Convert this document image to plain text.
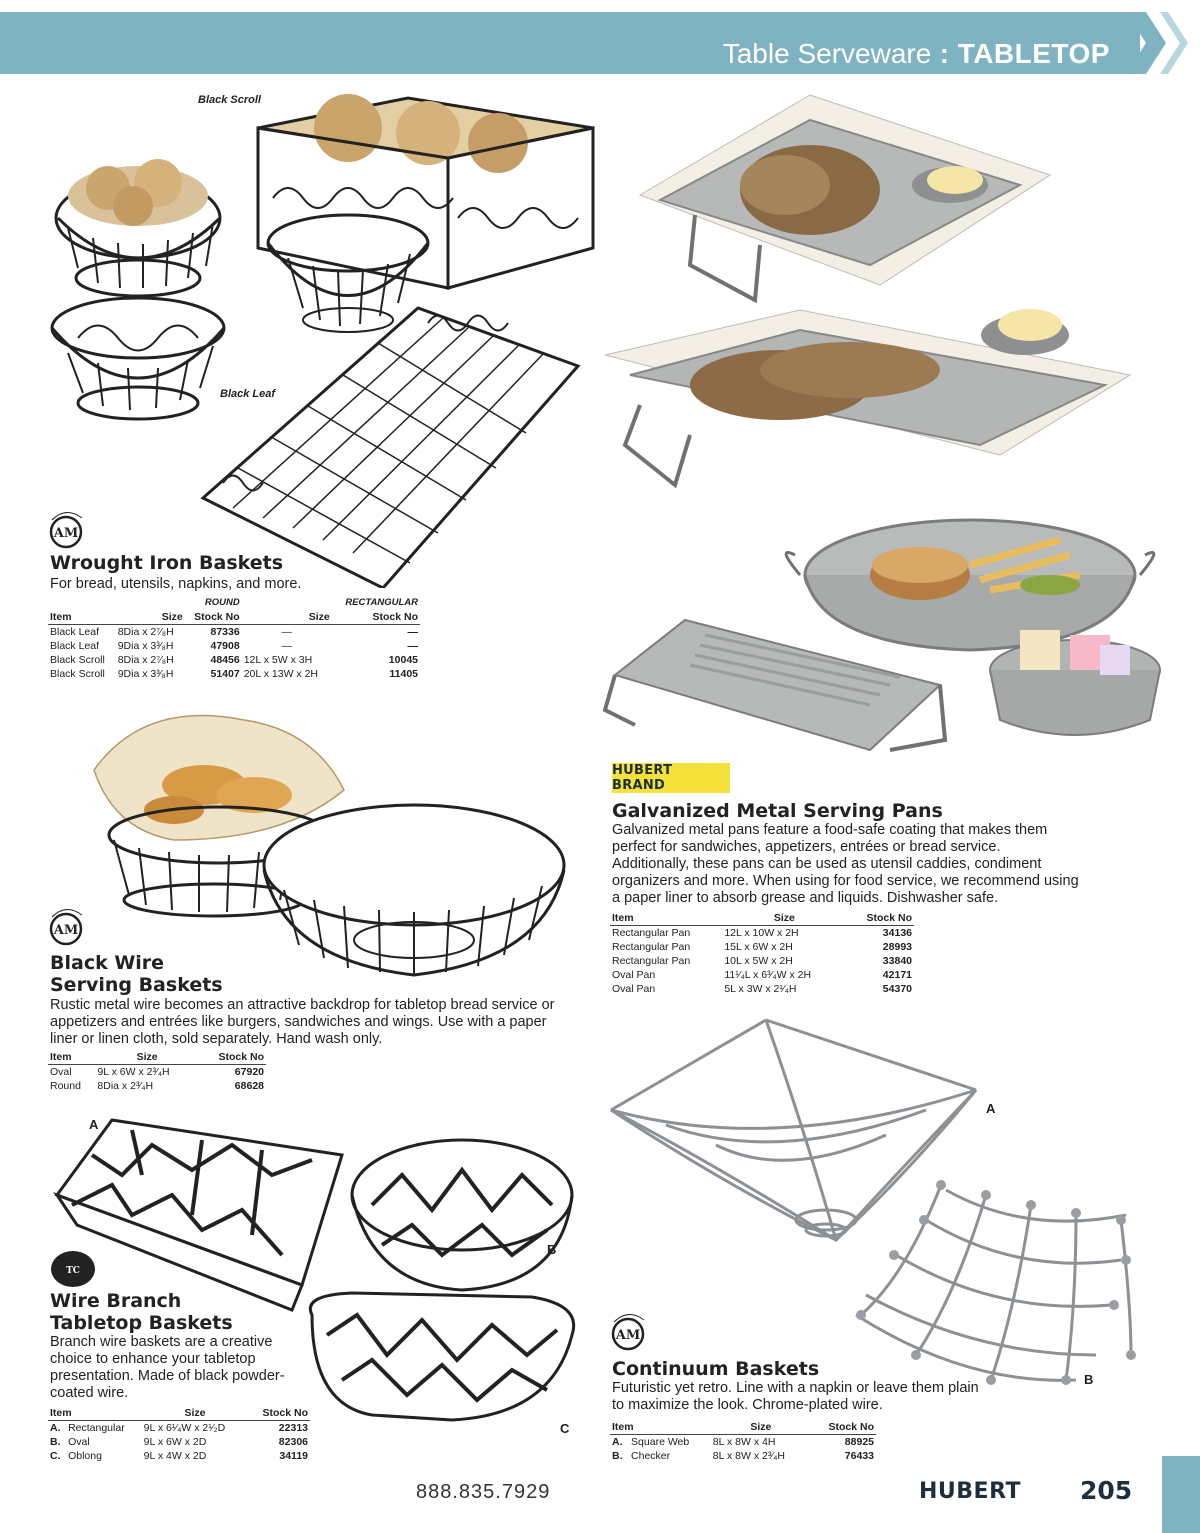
Table Serveware : TABLETOP
Black Scroll
Black Leaf
AM
Wrought Iron Baskets
For bread, utensils, napkins, and more.
		ROUND		RECTANGULAR
Item	Size	Stock No	Size	Stock No
Black Leaf	8Dia x 2⁷⁄₈H	87336	—	—
Black Leaf	9Dia x 3³⁄₈H	47908	—	—
Black Scroll	8Dia x 2⁷⁄₈H	48456	12L x 5W x 3H	10045
Black Scroll	9Dia x 3³⁄₈H	51407	20L x 13W x 2H	11405
AM
Black Wire
Serving Baskets
Rustic metal wire becomes an attractive backdrop for tabletop bread service or appetizers and entrées like burgers, sandwiches and wings. Use with a paper liner or linen cloth, sold separately. Hand wash only.
Item	Size	Stock No
Oval	9L x 6W x 2³⁄₄H	67920
Round	8Dia x 2³⁄₄H	68628
A
B
C
TC
Wire Branch
Tabletop Baskets
Branch wire baskets are a creative choice to enhance your tabletop presentation. Made of black powder-coated wire.
Item		Size	Stock No
A.	Rectangular	9L x 6¹⁄₄W x 2¹⁄₂D	22313
B.	Oval	9L x 6W x 2D	82306
C.	Oblong	9L x 4W x 2D	34119
HUBERT BRAND
Galvanized Metal Serving Pans
Galvanized metal pans feature a food-safe coating that makes them perfect for sandwiches, appetizers, entrées or bread service. Additionally, these pans can be used as utensil caddies, condiment organizers and more. When using for food service, we recommend using a paper liner to absorb grease and liquids. Dishwasher safe.
Item	Size	Stock No
Rectangular Pan	12L x 10W x 2H	34136
Rectangular Pan	15L x 6W x 2H	28993
Rectangular Pan	10L x 5W x 2H	33840
Oval Pan	11¹⁄₄L x 6³⁄₄W x 2H	42171
Oval Pan	5L x 3W x 2¹⁄₄H	54370
A
B
AM
Continuum Baskets
Futuristic yet retro. Line with a napkin or leave them plain to maximize the look. Chrome-plated wire.
Item		Size	Stock No
A.	Square Web	8L x 8W x 4H	88925
B.	Checker	8L x 8W x 2³⁄₄H	76433
888.835.7929	HUBERT 205
